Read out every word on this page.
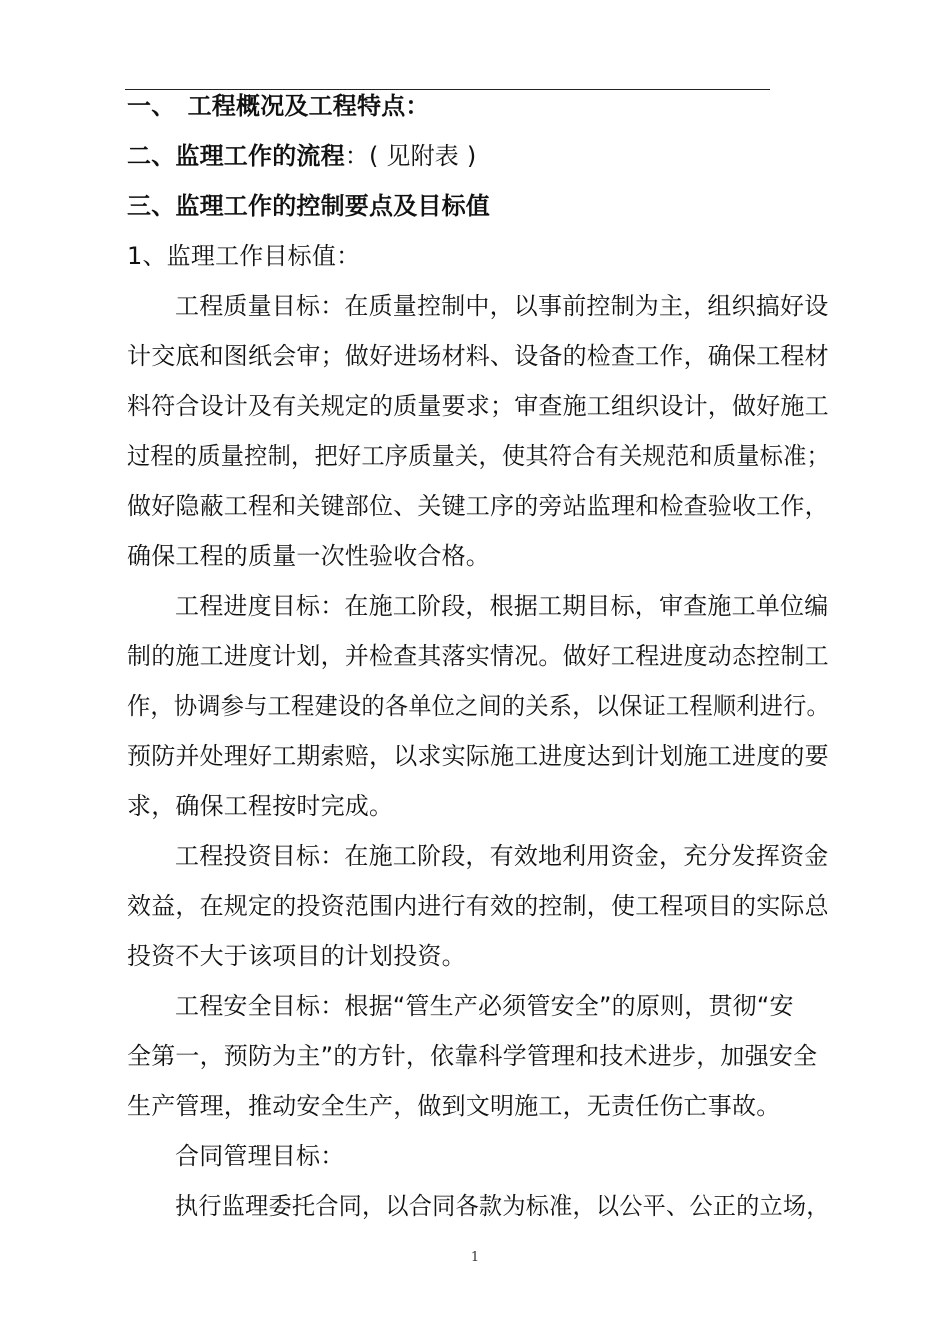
一、　工程概况及工程特点：
二、监理工作的流程：( 见附表 )
三、监理工作的控制要点及目标值
1、监理工作目标值：
工程质量目标：在质量控制中，以事前控制为主，组织搞好设
计交底和图纸会审；做好进场材料、设备的检查工作，确保工程材
料符合设计及有关规定的质量要求；审查施工组织设计，做好施工
过程的质量控制，把好工序质量关，使其符合有关规范和质量标准；
做好隐蔽工程和关键部位、关键工序的旁站监理和检查验收工作，
确保工程的质量一次性验收合格。
工程进度目标：在施工阶段，根据工期目标，审查施工单位编
制的施工进度计划，并检查其落实情况。做好工程进度动态控制工
作，协调参与工程建设的各单位之间的关系，以保证工程顺利进行。
预防并处理好工期索赔，以求实际施工进度达到计划施工进度的要
求，确保工程按时完成。
工程投资目标：在施工阶段，有效地利用资金，充分发挥资金
效益，在规定的投资范围内进行有效的控制，使工程项目的实际总
投资不大于该项目的计划投资。
工程安全目标：根据“管生产必须管安全”的原则，贯彻“安
全第一，预防为主”的方针，依靠科学管理和技术进步，加强安全
生产管理，推动安全生产，做到文明施工，无责任伤亡事故。
合同管理目标：
执行监理委托合同，以合同各款为标准，以公平、公正的立场，
1
